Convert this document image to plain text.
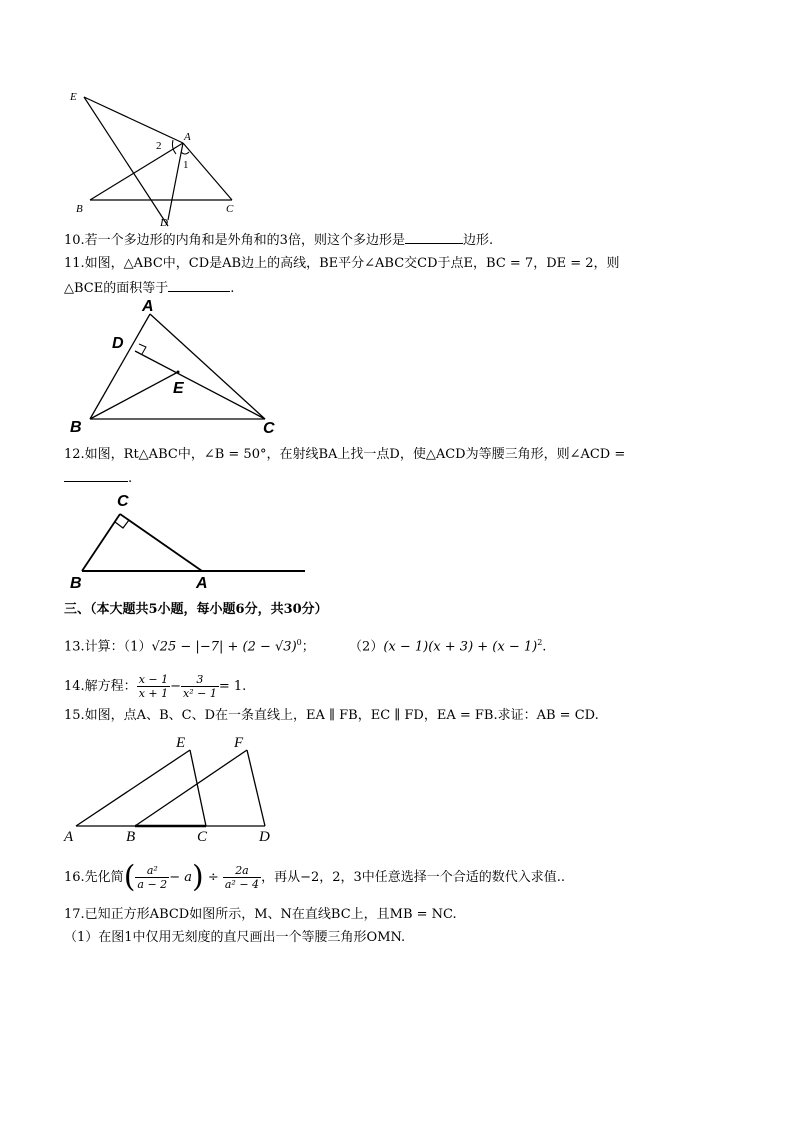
E
A
2
1
B
D
C
10.若一个多边形的内角和是外角和的3倍，则这个多边形是	边形.
11.如图，△ABC中，CD是AB边上的高线，BE平分∠ABC交CD于点E，BC = 7，DE = 2，则
△BCE的面积等于	.
A
D
E
B	C
12.如图，Rt△ABC中，∠B = 50°，在射线BA上找一点D，使△ACD为等腰三角形，则∠ACD =
.
C
B	A
三、（本大题共5小题，每小题6分，共30分）
13.计算：$(1)√25 - |-7| + (2 - √3)^0$；	$(2)(x - 1)(x + 3) + (x - 1)^2$.
14.解方程： $\frac{x - 1}{x + 1} - \frac{3}{\text{x² − 1}} = 1$.
15.如图，点A、B、C、D在一条直线上，EA ∥ FB，EC ∥ FD，EA = FB.求证：AB = CD.
E	F
A	B	C	D
16.先化简( $\frac{\text{a²}}{a - 2} - a) \div \frac{2a}{\text{a² − 4}}$ ，再从−2，2，3中任意选择一个合适的数代入求值..
17.已知正方形ABCD如图所示，M、N在直线BC上，且MB = NC.
（1）在图1中仅用无刻度的直尺画出一个等腰三角形OMN.
